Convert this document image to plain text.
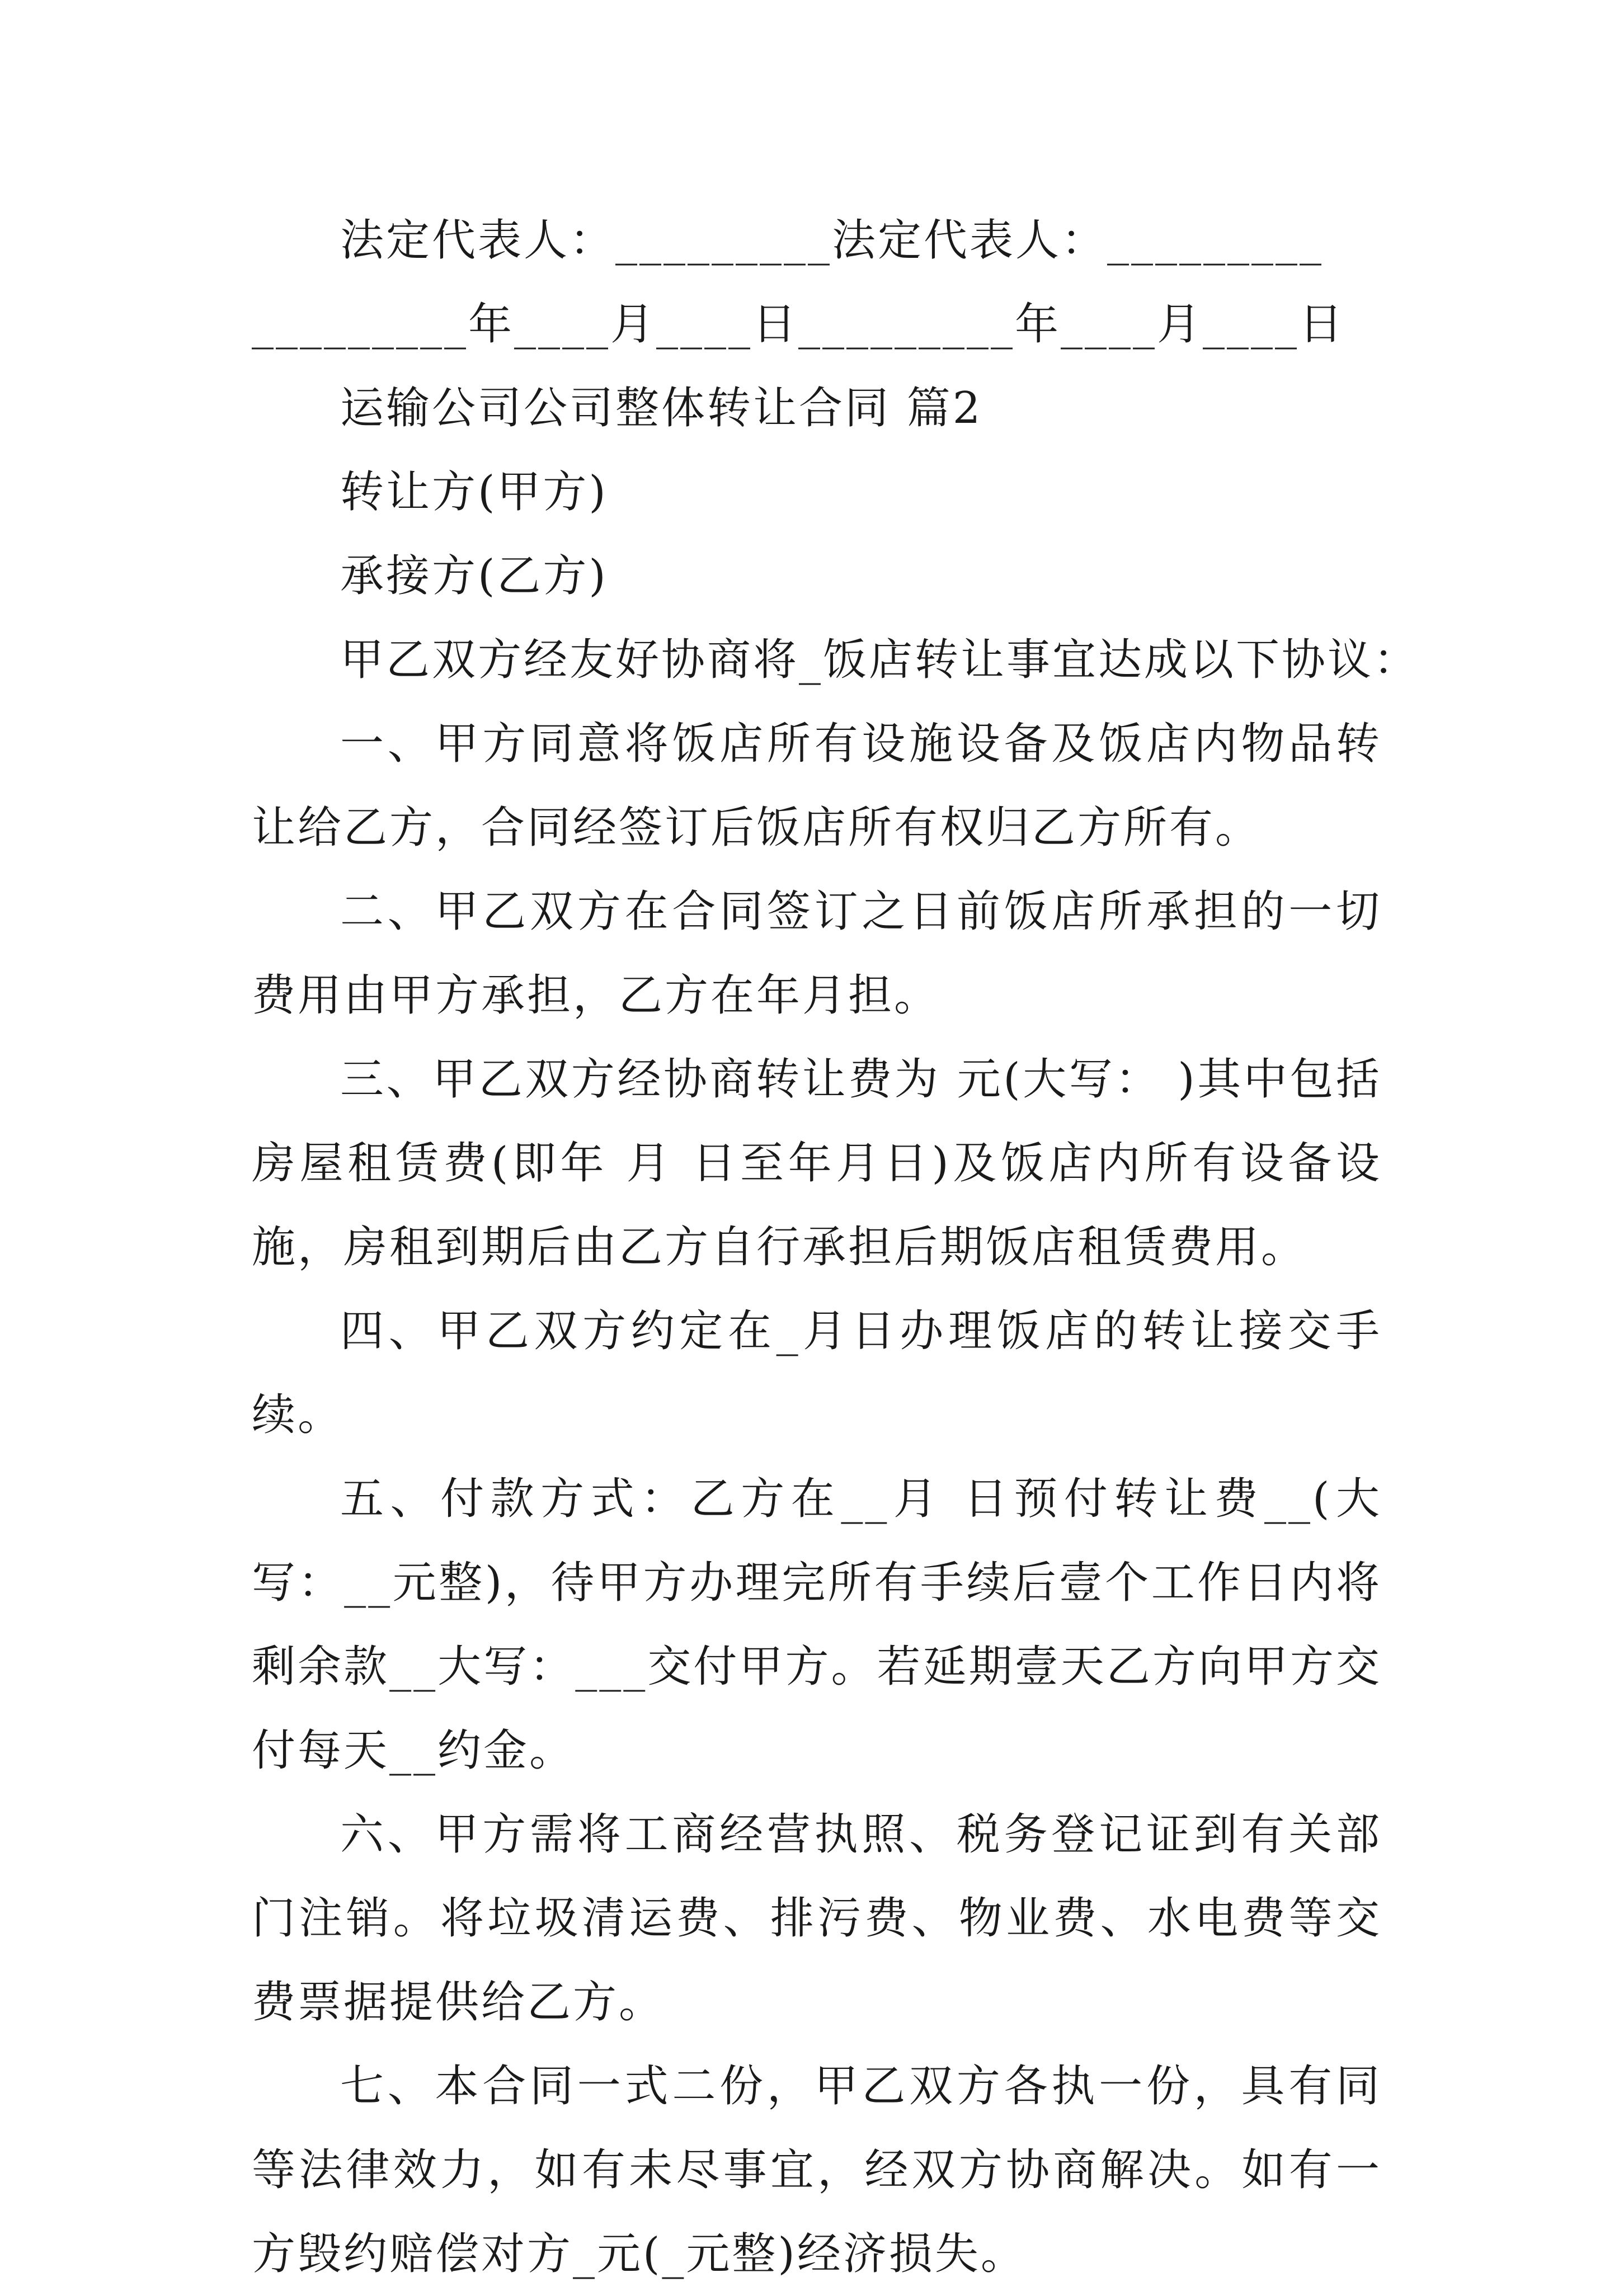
法定代表人：_________法定代表人：_________
_________年____月____日_________年____月____日
运输公司公司整体转让合同 篇2
转让方(甲方)
承接方(乙方)
甲乙双方经友好协商将_饭店转让事宜达成以下协议：
一、甲方同意将饭店所有设施设备及饭店内物品转让给乙方，合同经签订后饭店所有权归乙方所有。
二、甲乙双方在合同签订之日前饭店所承担的一切费用由甲方承担，乙方在年月担。
三、甲乙双方经协商转让费为 元(大写： )其中包括房屋租赁费(即年 月 日至年月日)及饭店内所有设备设施，房租到期后由乙方自行承担后期饭店租赁费用。
四、甲乙双方约定在_月日办理饭店的转让接交手续。
五、付款方式：乙方在__月 日预付转让费__(大写：__元整)，待甲方办理完所有手续后壹个工作日内将剩余款__大写：___交付甲方。若延期壹天乙方向甲方交付每天__约金。
六、甲方需将工商经营执照、税务登记证到有关部门注销。将垃圾清运费、排污费、物业费、水电费等交费票据提供给乙方。
七、本合同一式二份，甲乙双方各执一份，具有同等法律效力，如有未尽事宜，经双方协商解决。如有一方毁约赔偿对方_元(_元整)经济损失。
